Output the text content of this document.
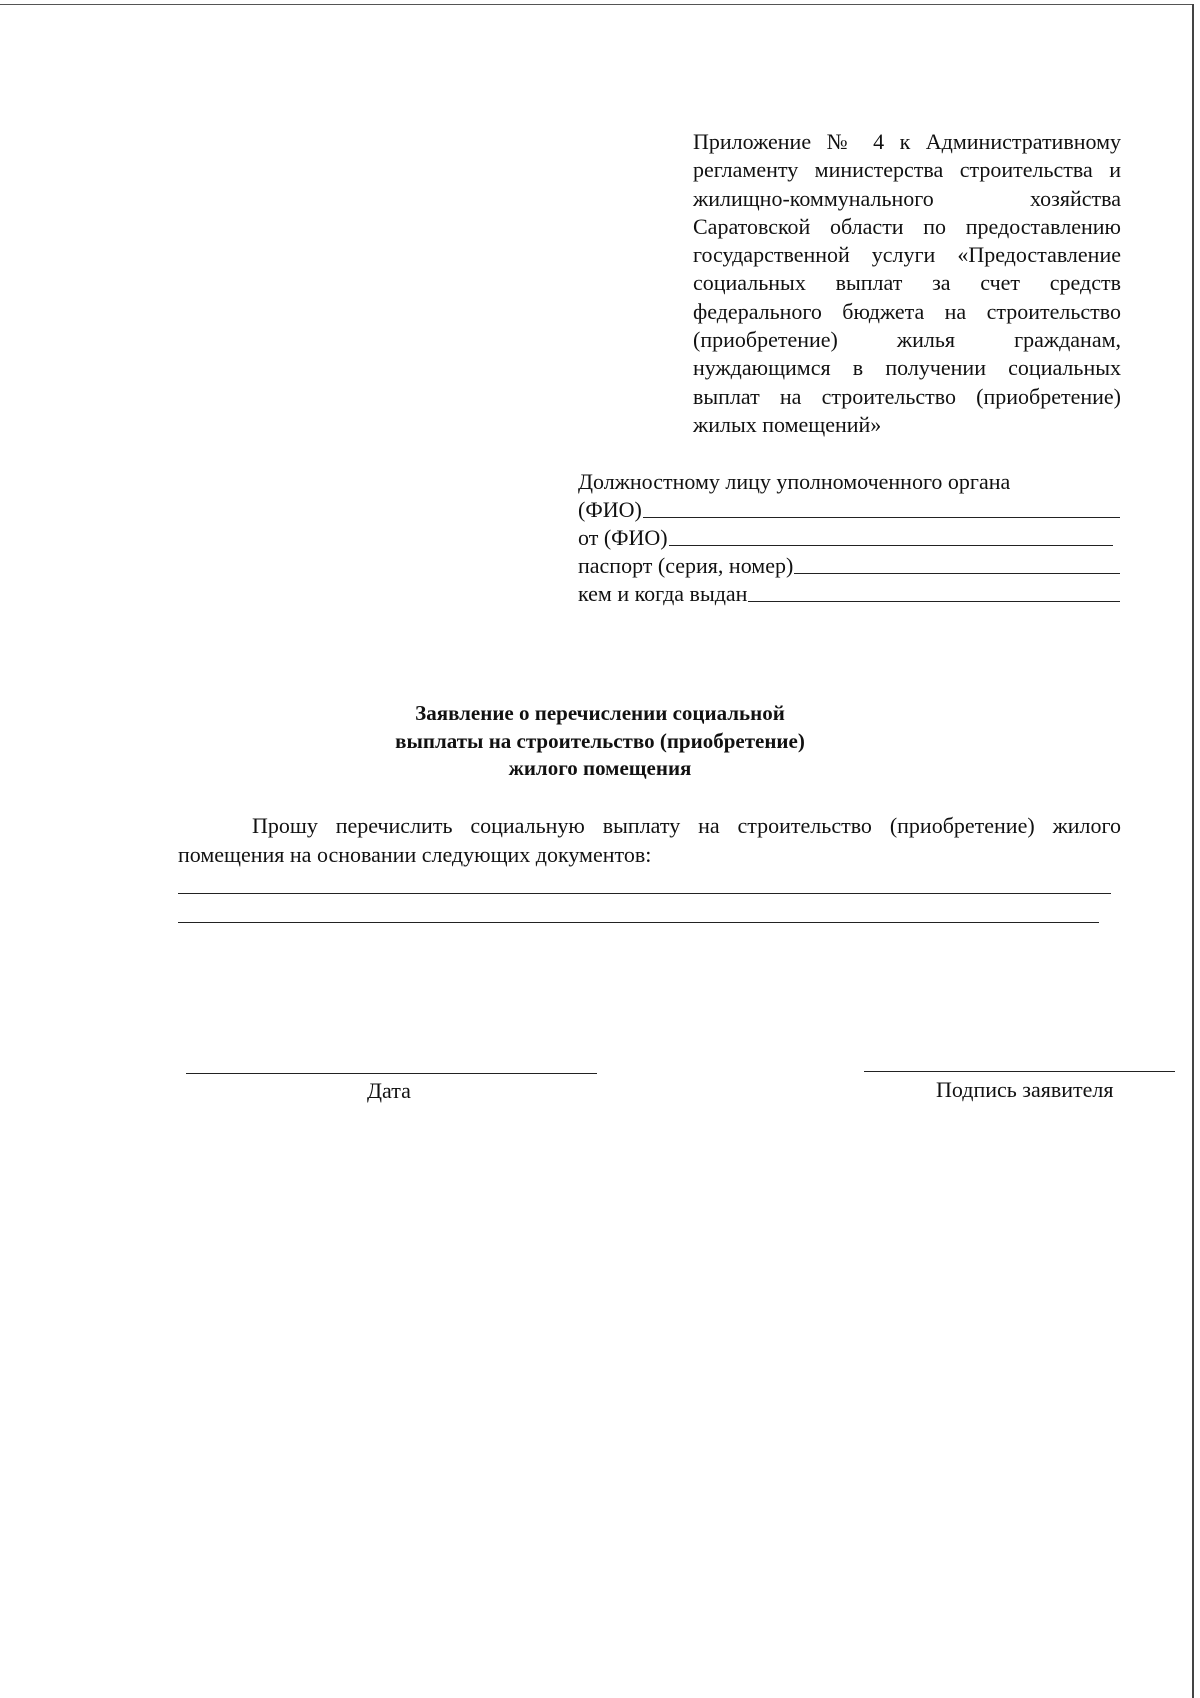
Приложение № 4 к Административному регламенту министерства строительства и жилищно-коммунального хозяйства Саратовской области по предоставлению государственной услуги «Предоставление социальных выплат за счет средств федерального бюджета на строительство (приобретение) жилья гражданам, нуждающимся в получении социальных выплат на строительство (приобретение) жилых помещений»
Должностному лицу уполномоченного органа
(ФИО)
от (ФИО)
паспорт (серия, номер)
кем и когда выдан
Заявление о перечислении социальной
выплаты на строительство (приобретение)
жилого помещения
Прошу перечислить социальную выплату на строительство (приобретение) жилого помещения на основании следующих документов:
Дата	Подпись заявителя
